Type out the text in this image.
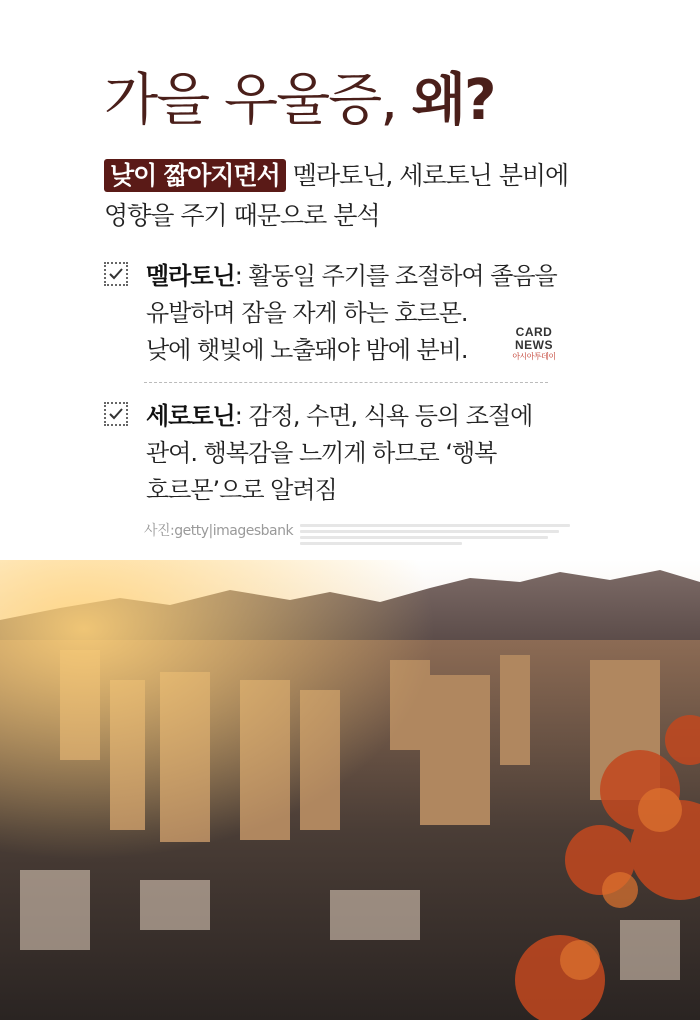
가을 우울증, 왜?
낮이 짧아지면서 멜라토닌, 세로토닌 분비에
영향을 주기 때문으로 분석
멜라토닌: 활동일 주기를 조절하여 졸음을
유발하며 잠을 자게 하는 호르몬.
낮에 햇빛에 노출돼야 밤에 분비.
CARD
NEWS
아시아투데이
세로토닌: 감정, 수면, 식욕 등의 조절에
관여. 행복감을 느끼게 하므로 ‘행복
호르몬’으로 알려짐
사진:getty|imagesbank
